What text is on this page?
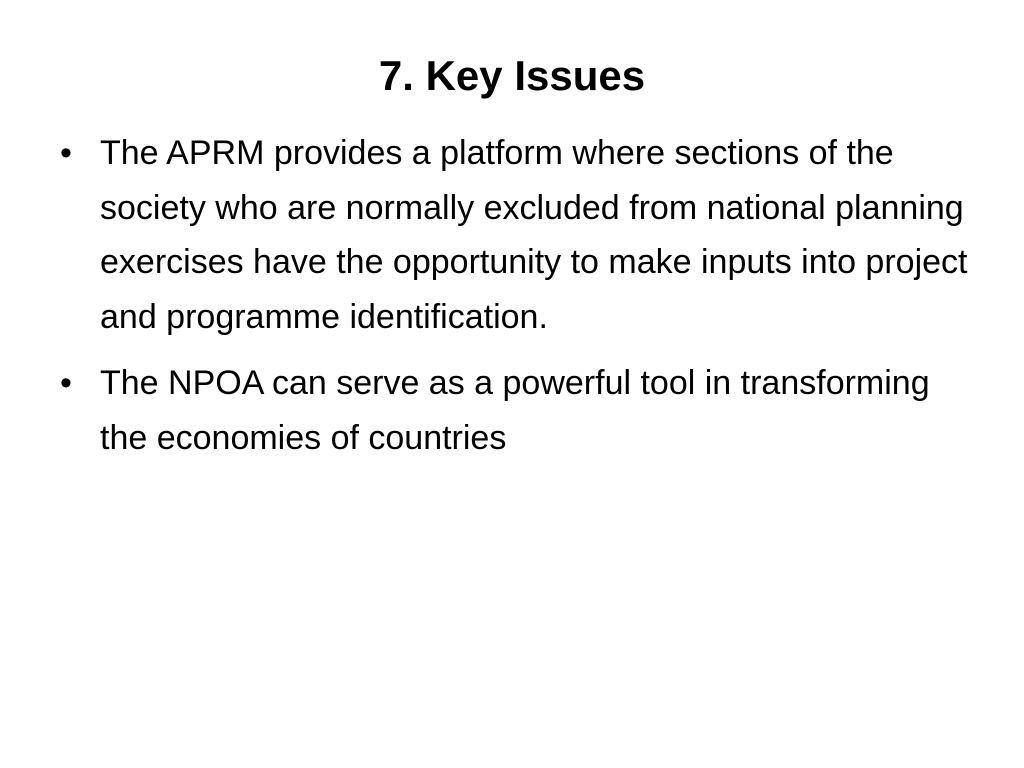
7. Key Issues
• The APRM provides a platform where sections of the society who are normally excluded from national planning exercises have the opportunity to make inputs into project and programme identification.
• The NPOA can serve as a powerful tool in transforming the economies of countries
